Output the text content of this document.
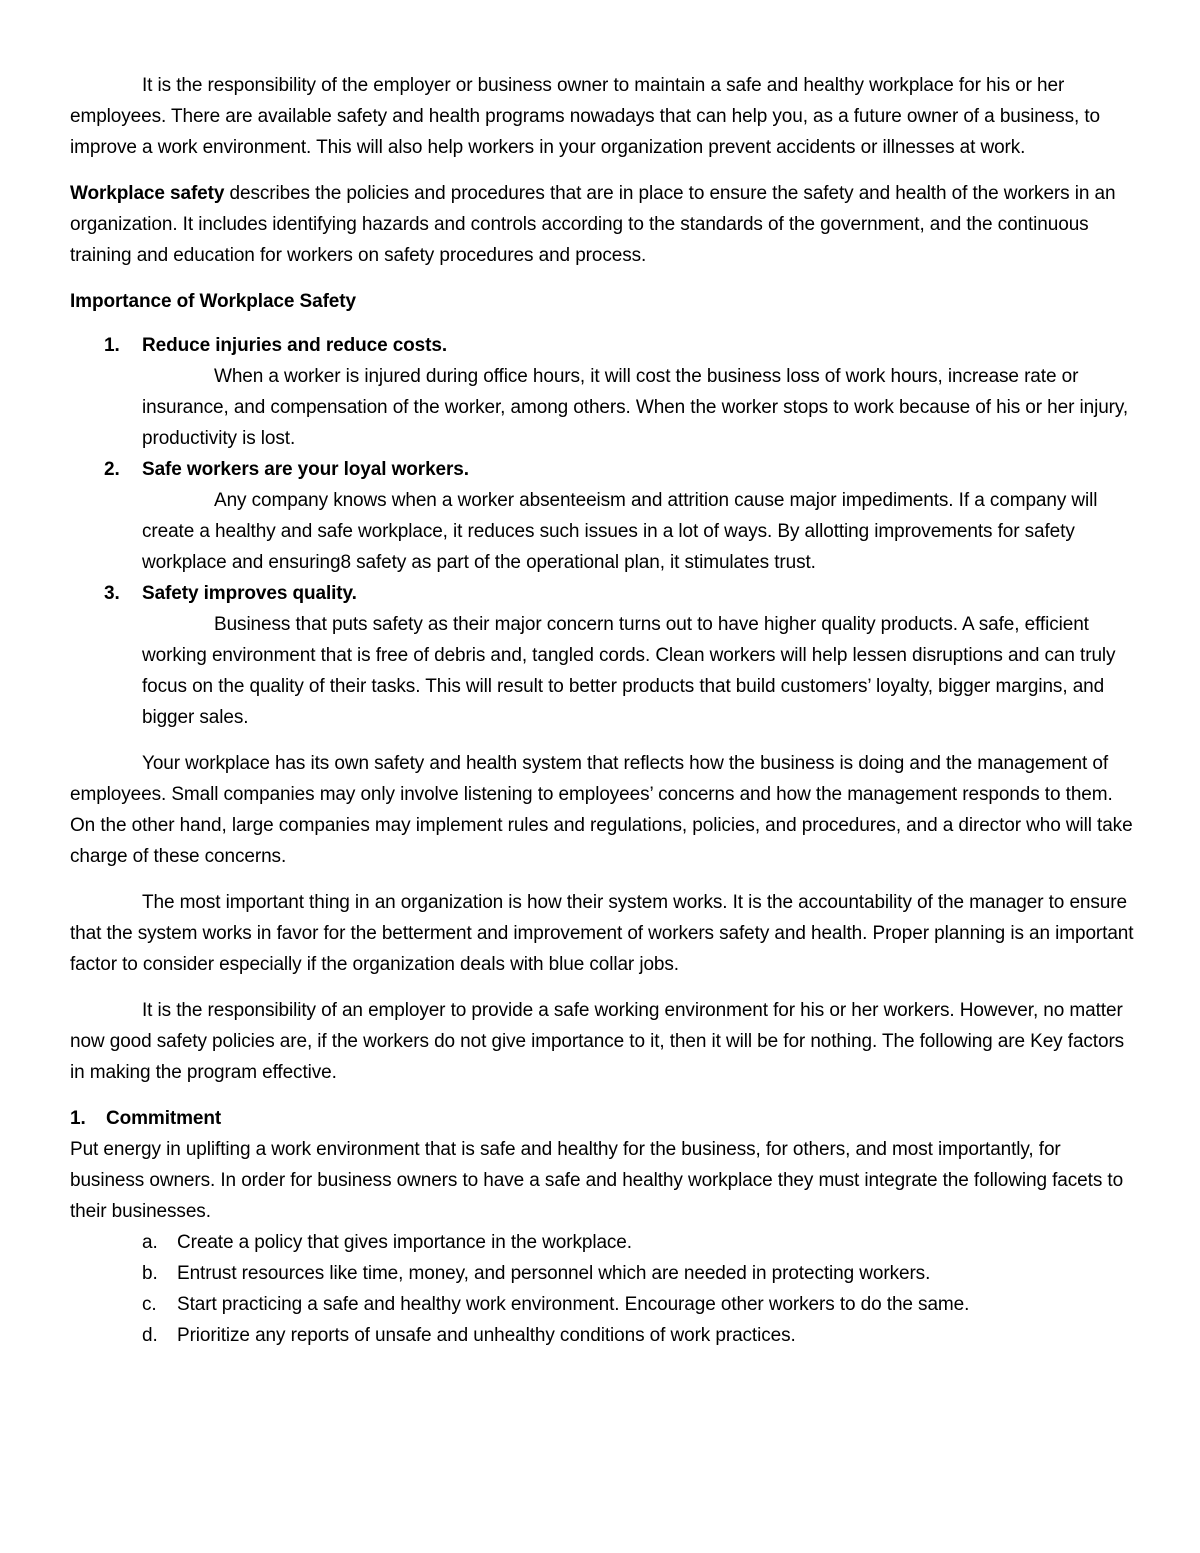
It is the responsibility of the employer or business owner to maintain a safe and healthy workplace for his or her employees. There are available safety and health programs nowadays that can help you, as a future owner of a business, to improve a work environment. This will also help workers in your organization prevent accidents or illnesses at work.

Workplace safety describes the policies and procedures that are in place to ensure the safety and health of the workers in an organization. It includes identifying hazards and controls according to the standards of the government, and the continuous training and education for workers on safety procedures and process.

Importance of Workplace Safety

1. Reduce injuries and reduce costs.
When a worker is injured during office hours, it will cost the business loss of work hours, increase rate or insurance, and compensation of the worker, among others. When the worker stops to work because of his or her injury, productivity is lost.
2. Safe workers are your loyal workers.
Any company knows when a worker absenteeism and attrition cause major impediments. If a company will create a healthy and safe workplace, it reduces such issues in a lot of ways. By allotting improvements for safety workplace and ensuring8 safety as part of the operational plan, it stimulates trust.
3. Safety improves quality.
Business that puts safety as their major concern turns out to have higher quality products. A safe, efficient working environment that is free of debris and, tangled cords. Clean workers will help lessen disruptions and can truly focus on the quality of their tasks. This will result to better products that build customers’ loyalty, bigger margins, and bigger sales.

Your workplace has its own safety and health system that reflects how the business is doing and the management of employees. Small companies may only involve listening to employees’ concerns and how the management responds to them. On the other hand, large companies may implement rules and regulations, policies, and procedures, and a director who will take charge of these concerns.

The most important thing in an organization is how their system works. It is the accountability of the manager to ensure that the system works in favor for the betterment and improvement of workers safety and health. Proper planning is an important factor to consider especially if the organization deals with blue collar jobs.

It is the responsibility of an employer to provide a safe working environment for his or her workers. However, no matter now good safety policies are, if the workers do not give importance to it, then it will be for nothing. The following are Key factors in making the program effective.

1. Commitment

Put energy in uplifting a work environment that is safe and healthy for the business, for others, and most importantly, for business owners. In order for business owners to have a safe and healthy workplace they must integrate the following facets to their businesses.

a. Create a policy that gives importance in the workplace.
b. Entrust resources like time, money, and personnel which are needed in protecting workers.
c. Start practicing a safe and healthy work environment. Encourage other workers to do the same.
d. Prioritize any reports of unsafe and unhealthy conditions of work practices.
